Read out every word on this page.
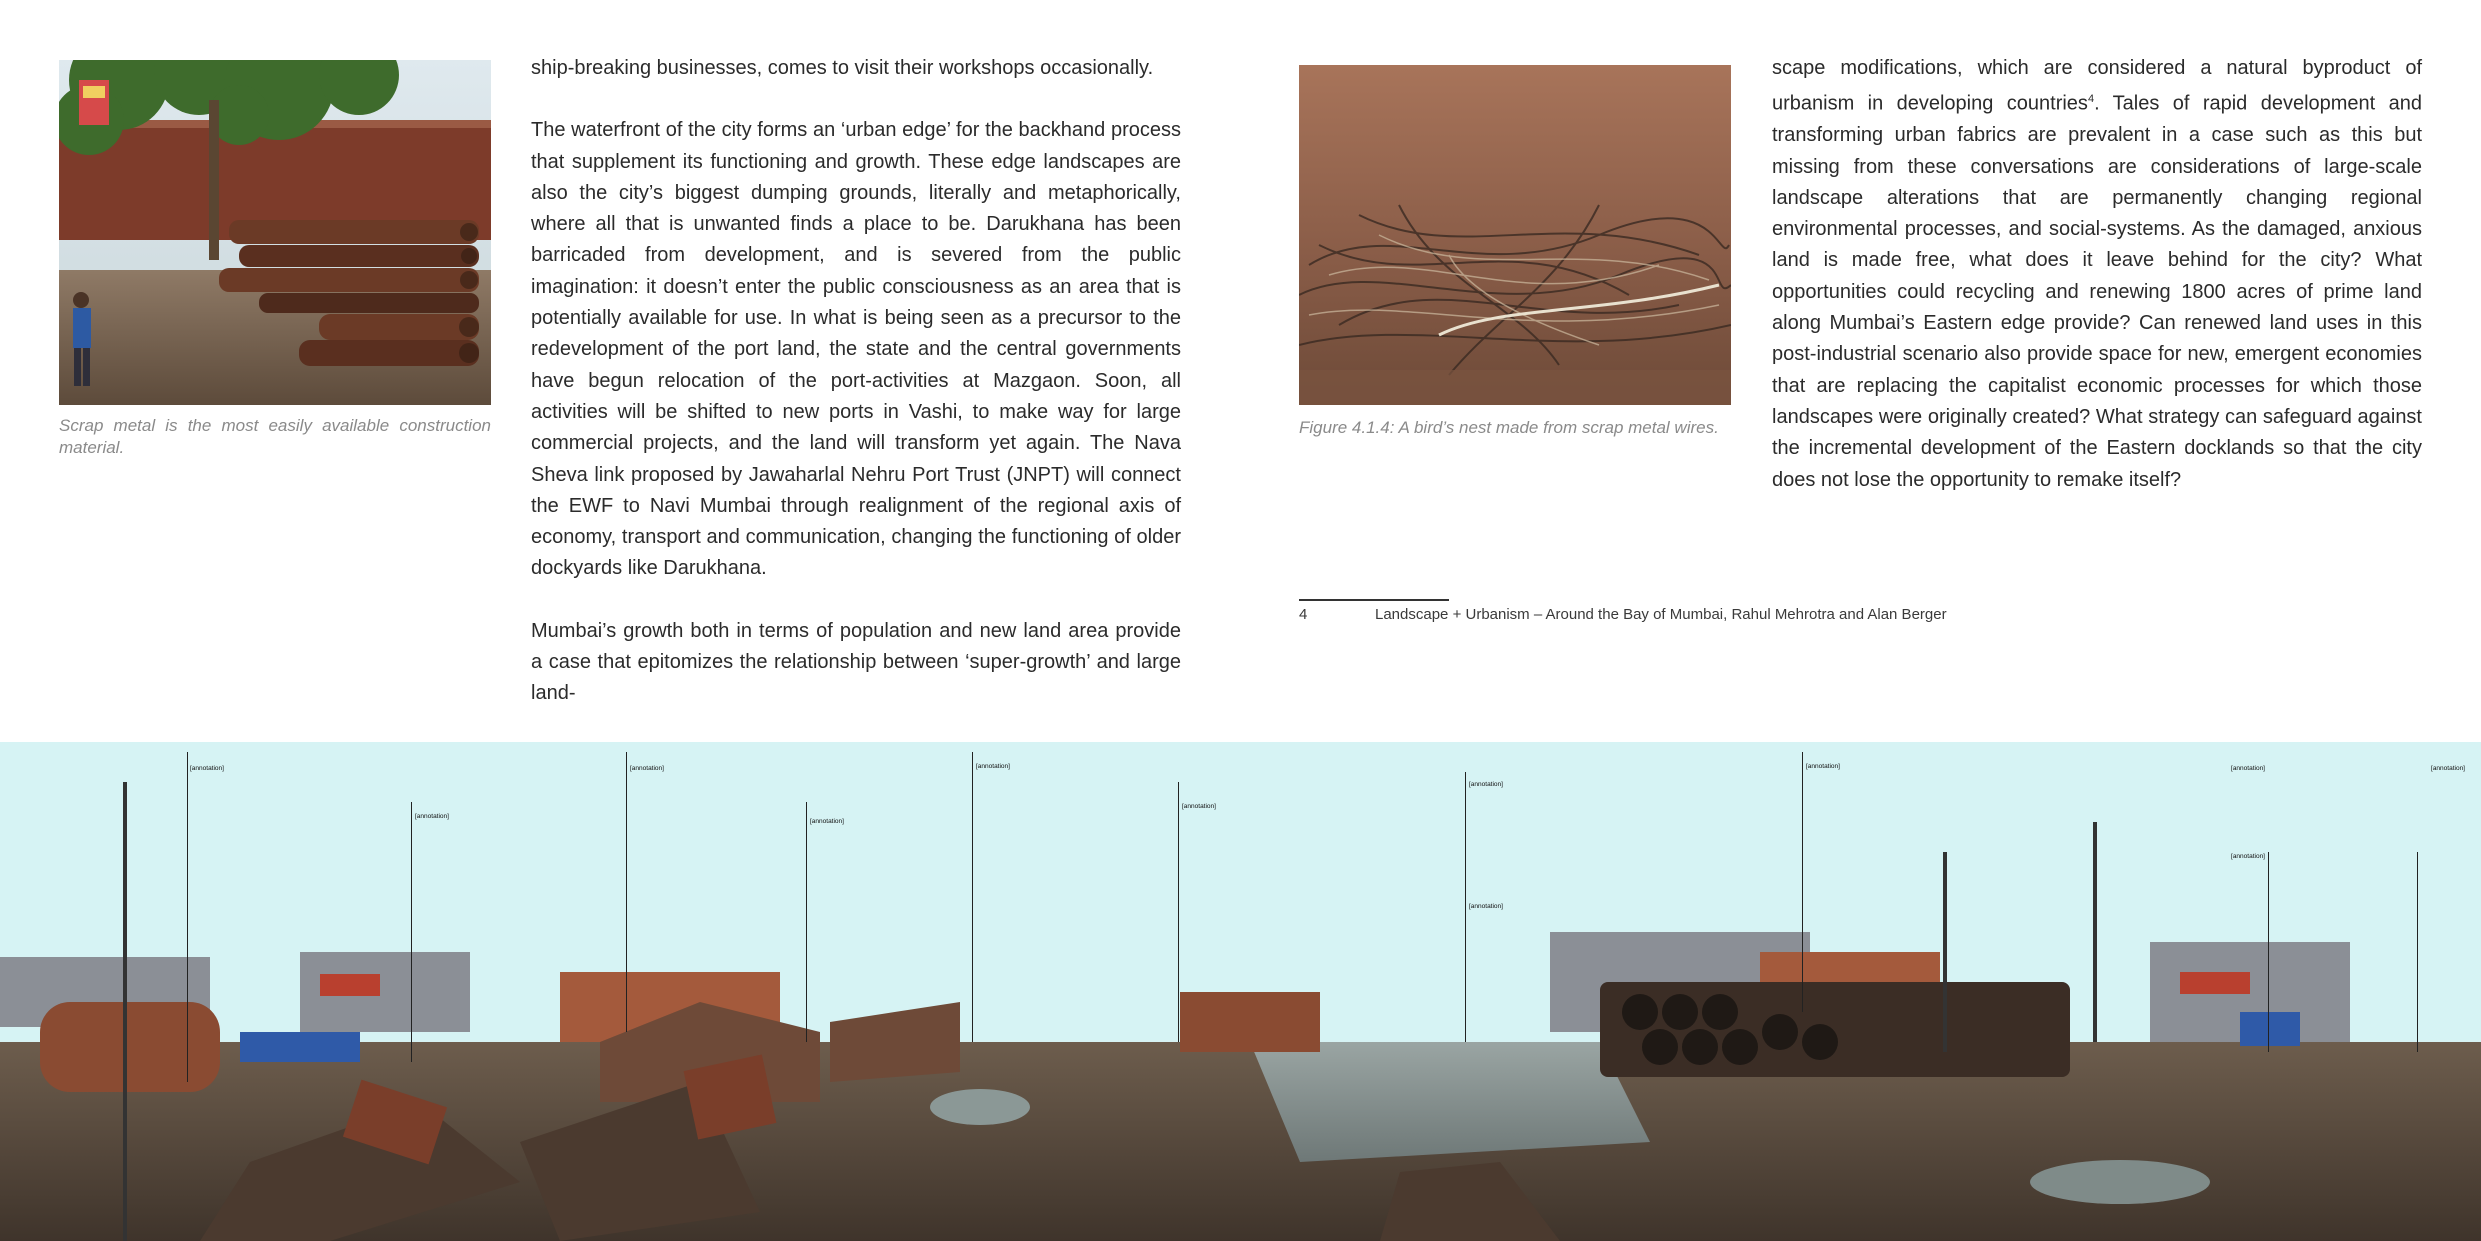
Scrap metal is the most easily available construction material.

ship-breaking businesses, comes to visit their workshops occasionally.

The waterfront of the city forms an ‘urban edge’ for the backhand process that supplement its functioning and growth. These edge landscapes are also the city’s biggest dumping grounds, literally and metaphorically, where all that is unwanted finds a place to be. Darukhana has been barricaded from development, and is severed from the public imagination: it doesn’t enter the public consciousness as an area that is potentially available for use. In what is being seen as a precursor to the redevelopment of the port land, the state and the central governments have begun relocation of the port-activities at Mazgaon. Soon, all activities will be shifted to new ports in Vashi, to make way for large commercial projects, and the land will transform yet again. The Nava Sheva link proposed by Jawaharlal Nehru Port Trust (JNPT) will connect the EWF to Navi Mumbai through realignment of the regional axis of economy, transport and communication, changing the functioning of older dockyards like Darukhana.

Mumbai’s growth both in terms of population and new land area provide a case that epitomizes the relationship between ‘super-growth’ and large land-

Figure 4.1.4: A bird’s nest made from scrap metal wires.

scape modifications, which are considered a natural byproduct of urbanism in developing countries$^4$. Tales of rapid development and transforming urban fabrics are prevalent in a case such as this but missing from these conversations are considerations of large-scale landscape alterations that are permanently changing regional environmental processes, and social-systems. As the damaged, anxious land is made free, what does it leave behind for the city? What opportunities could recycling and renewing 1800 acres of prime land along Mumbai’s Eastern edge provide? Can renewed land uses in this post-industrial scenario also provide space for new, emergent economies that are replacing the capitalist economic processes for which those landscapes were originally created? What strategy can safeguard against the incremental development of the Eastern docklands so that the city does not lose the opportunity to remake itself?

4	Landscape + Urbanism – Around the Bay of Mumbai, Rahul Mehrotra and Alan Berger

[annotation]

[annotation]

[annotation]

[annotation]

[annotation]

[annotation]

[annotation]

[annotation]	[annotation]	[annotation]

[annotation]

[annotation]
